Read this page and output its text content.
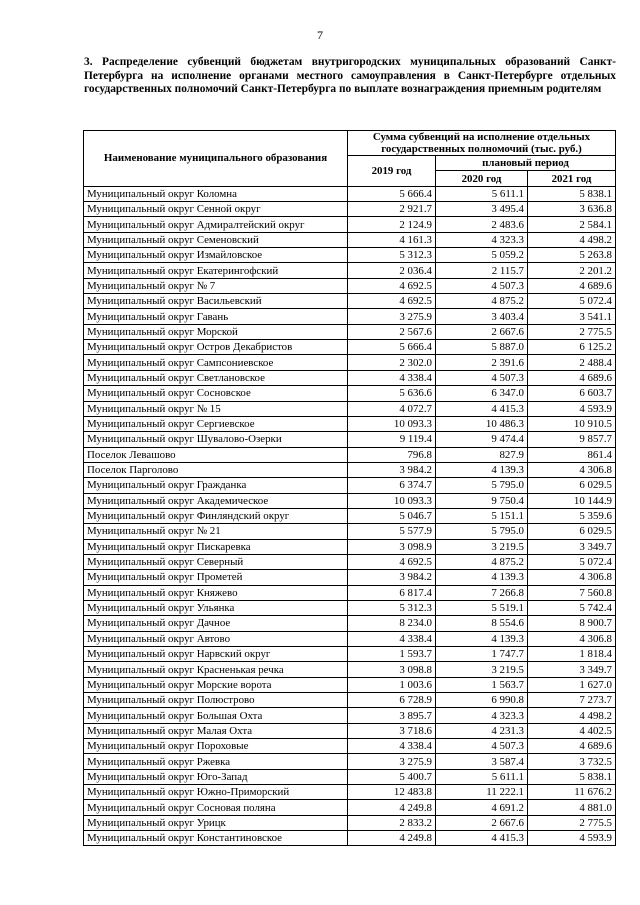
7
3. Распределение субвенций бюджетам внутригородских муниципальных образований Санкт-Петербурга на исполнение органами местного самоуправления в Санкт-Петербурге отдельных государственных полномочий Санкт-Петербурга по выплате вознаграждения приемным родителям
Наименование муниципального образования	Сумма субвенций на исполнение отдельных государственных полномочий (тыс. руб.)		
	2019 год	плановый период	
		2020 год	2021 год
Муниципальный округ Коломна	5 666.4	5 611.1	5 838.1
Муниципальный округ Сенной округ	2 921.7	3 495.4	3 636.8
Муниципальный округ Адмиралтейский округ	2 124.9	2 483.6	2 584.1
Муниципальный округ Семеновский	4 161.3	4 323.3	4 498.2
Муниципальный округ Измайловское	5 312.3	5 059.2	5 263.8
Муниципальный округ Екатерингофский	2 036.4	2 115.7	2 201.2
Муниципальный округ № 7	4 692.5	4 507.3	4 689.6
Муниципальный округ Васильевский	4 692.5	4 875.2	5 072.4
Муниципальный округ Гавань	3 275.9	3 403.4	3 541.1
Муниципальный округ Морской	2 567.6	2 667.6	2 775.5
Муниципальный округ Остров Декабристов	5 666.4	5 887.0	6 125.2
Муниципальный округ Сампсониевское	2 302.0	2 391.6	2 488.4
Муниципальный округ Светлановское	4 338.4	4 507.3	4 689.6
Муниципальный округ Сосновское	5 636.6	6 347.0	6 603.7
Муниципальный округ № 15	4 072.7	4 415.3	4 593.9
Муниципальный округ Сергиевское	10 093.3	10 486.3	10 910.5
Муниципальный округ Шувалово-Озерки	9 119.4	9 474.4	9 857.7
Поселок Левашово	796.8	827.9	861.4
Поселок Парголово	3 984.2	4 139.3	4 306.8
Муниципальный округ Гражданка	6 374.7	5 795.0	6 029.5
Муниципальный округ Академическое	10 093.3	9 750.4	10 144.9
Муниципальный округ Финляндский округ	5 046.7	5 151.1	5 359.6
Муниципальный округ № 21	5 577.9	5 795.0	6 029.5
Муниципальный округ Пискаревка	3 098.9	3 219.5	3 349.7
Муниципальный округ Северный	4 692.5	4 875.2	5 072.4
Муниципальный округ Прометей	3 984.2	4 139.3	4 306.8
Муниципальный округ Княжево	6 817.4	7 266.8	7 560.8
Муниципальный округ Ульянка	5 312.3	5 519.1	5 742.4
Муниципальный округ Дачное	8 234.0	8 554.6	8 900.7
Муниципальный округ Автово	4 338.4	4 139.3	4 306.8
Муниципальный округ Нарвский округ	1 593.7	1 747.7	1 818.4
Муниципальный округ Красненькая речка	3 098.8	3 219.5	3 349.7
Муниципальный округ Морские ворота	1 003.6	1 563.7	1 627.0
Муниципальный округ Полюстрово	6 728.9	6 990.8	7 273.7
Муниципальный округ Большая Охта	3 895.7	4 323.3	4 498.2
Муниципальный округ Малая Охта	3 718.6	4 231.3	4 402.5
Муниципальный округ Пороховые	4 338.4	4 507.3	4 689.6
Муниципальный округ Ржевка	3 275.9	3 587.4	3 732.5
Муниципальный округ Юго-Запад	5 400.7	5 611.1	5 838.1
Муниципальный округ Южно-Приморский	12 483.8	11 222.1	11 676.2
Муниципальный округ Сосновая поляна	4 249.8	4 691.2	4 881.0
Муниципальный округ Урицк	2 833.2	2 667.6	2 775.5
Муниципальный округ Константиновское	4 249.8	4 415.3	4 593.9
